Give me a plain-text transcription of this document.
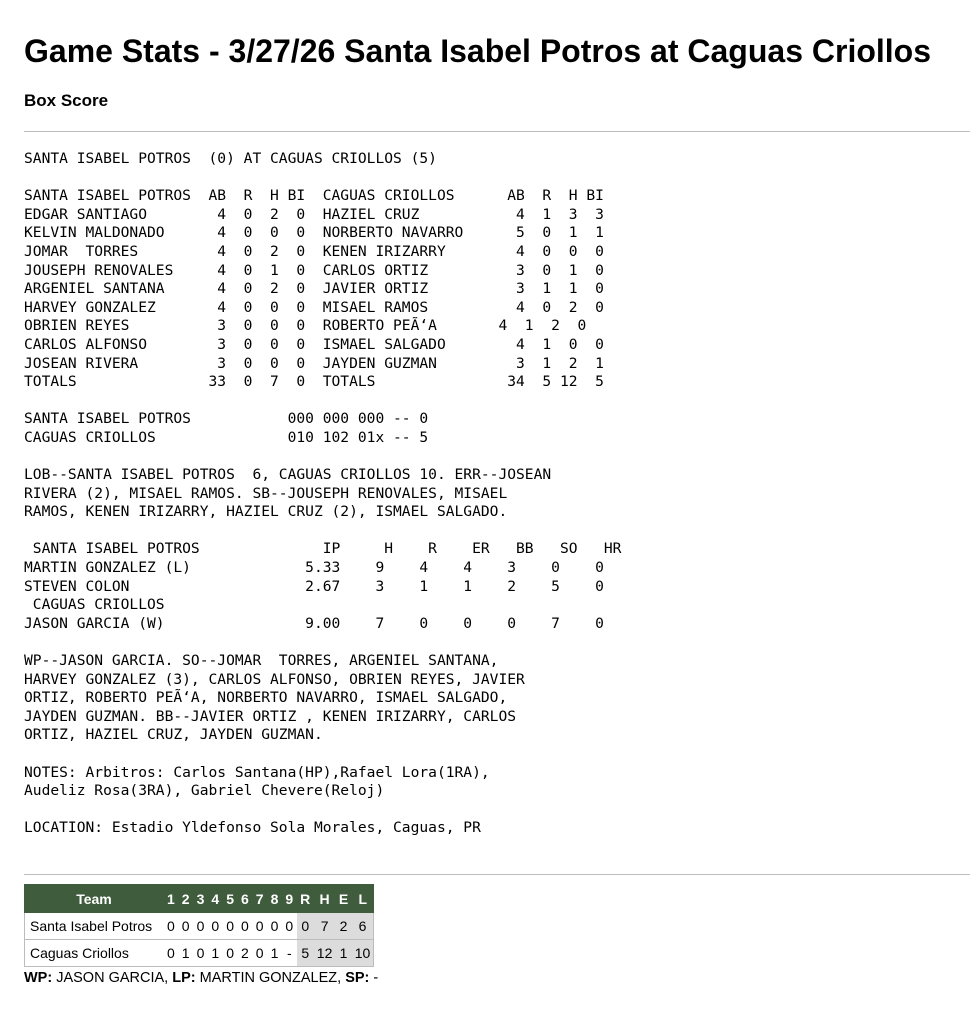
Game Stats - 3/27/26 Santa Isabel Potros at Caguas Criollos
Box Score
SANTA ISABEL POTROS  (0) AT CAGUAS CRIOLLOS (5)

SANTA ISABEL POTROS  AB  R  H BI  CAGUAS CRIOLLOS      AB  R  H BI
EDGAR SANTIAGO        4  0  2  0  HAZIEL CRUZ           4  1  3  3
KELVIN MALDONADO      4  0  0  0  NORBERTO NAVARRO      5  0  1  1
JOMAR  TORRES         4  0  2  0  KENEN IRIZARRY        4  0  0  0
JOUSEPH RENOVALES     4  0  1  0  CARLOS ORTIZ          3  0  1  0
ARGENIEL SANTANA      4  0  2  0  JAVIER ORTIZ          3  1  1  0
HARVEY GONZALEZ       4  0  0  0  MISAEL RAMOS          4  0  2  0
OBRIEN REYES          3  0  0  0  ROBERTO PEÃ‘A       4  1  2  0
CARLOS ALFONSO        3  0  0  0  ISMAEL SALGADO        4  1  0  0
JOSEAN RIVERA         3  0  0  0  JAYDEN GUZMAN         3  1  2  1
TOTALS               33  0  7  0  TOTALS               34  5 12  5

SANTA ISABEL POTROS           000 000 000 -- 0
CAGUAS CRIOLLOS               010 102 01x -- 5

LOB--SANTA ISABEL POTROS  6, CAGUAS CRIOLLOS 10. ERR--JOSEAN
RIVERA (2), MISAEL RAMOS. SB--JOUSEPH RENOVALES, MISAEL
RAMOS, KENEN IRIZARRY, HAZIEL CRUZ (2), ISMAEL SALGADO.

SANTA ISABEL POTROS              IP     H    R    ER   BB   SO   HR
MARTIN GONZALEZ (L)             5.33    9    4    4    3    0    0
STEVEN COLON                    2.67    3    1    1    2    5    0
CAGUAS CRIOLLOS
JASON GARCIA (W)                9.00    7    0    0    0    7    0

WP--JASON GARCIA. SO--JOMAR  TORRES, ARGENIEL SANTANA,
HARVEY GONZALEZ (3), CARLOS ALFONSO, OBRIEN REYES, JAVIER
ORTIZ, ROBERTO PEÃ‘A, NORBERTO NAVARRO, ISMAEL SALGADO,
JAYDEN GUZMAN. BB--JAVIER ORTIZ , KENEN IRIZARRY, CARLOS
ORTIZ, HAZIEL CRUZ, JAYDEN GUZMAN.

NOTES: Arbitros: Carlos Santana(HP),Rafael Lora(1RA),
Audeliz Rosa(3RA), Gabriel Chevere(Reloj)

LOCATION: Estadio Yldefonso Sola Morales, Caguas, PR

Team	1	2	3	4	5	6	7	8	9	R	H	E	L
Santa Isabel Potros	0	0	0	0	0	0	0	0	0	0	7	2	6
Caguas Criollos	0	1	0	1	0	2	0	1	-	5	12	1	10
WP: JASON GARCIA, LP: MARTIN GONZALEZ, SP: -
